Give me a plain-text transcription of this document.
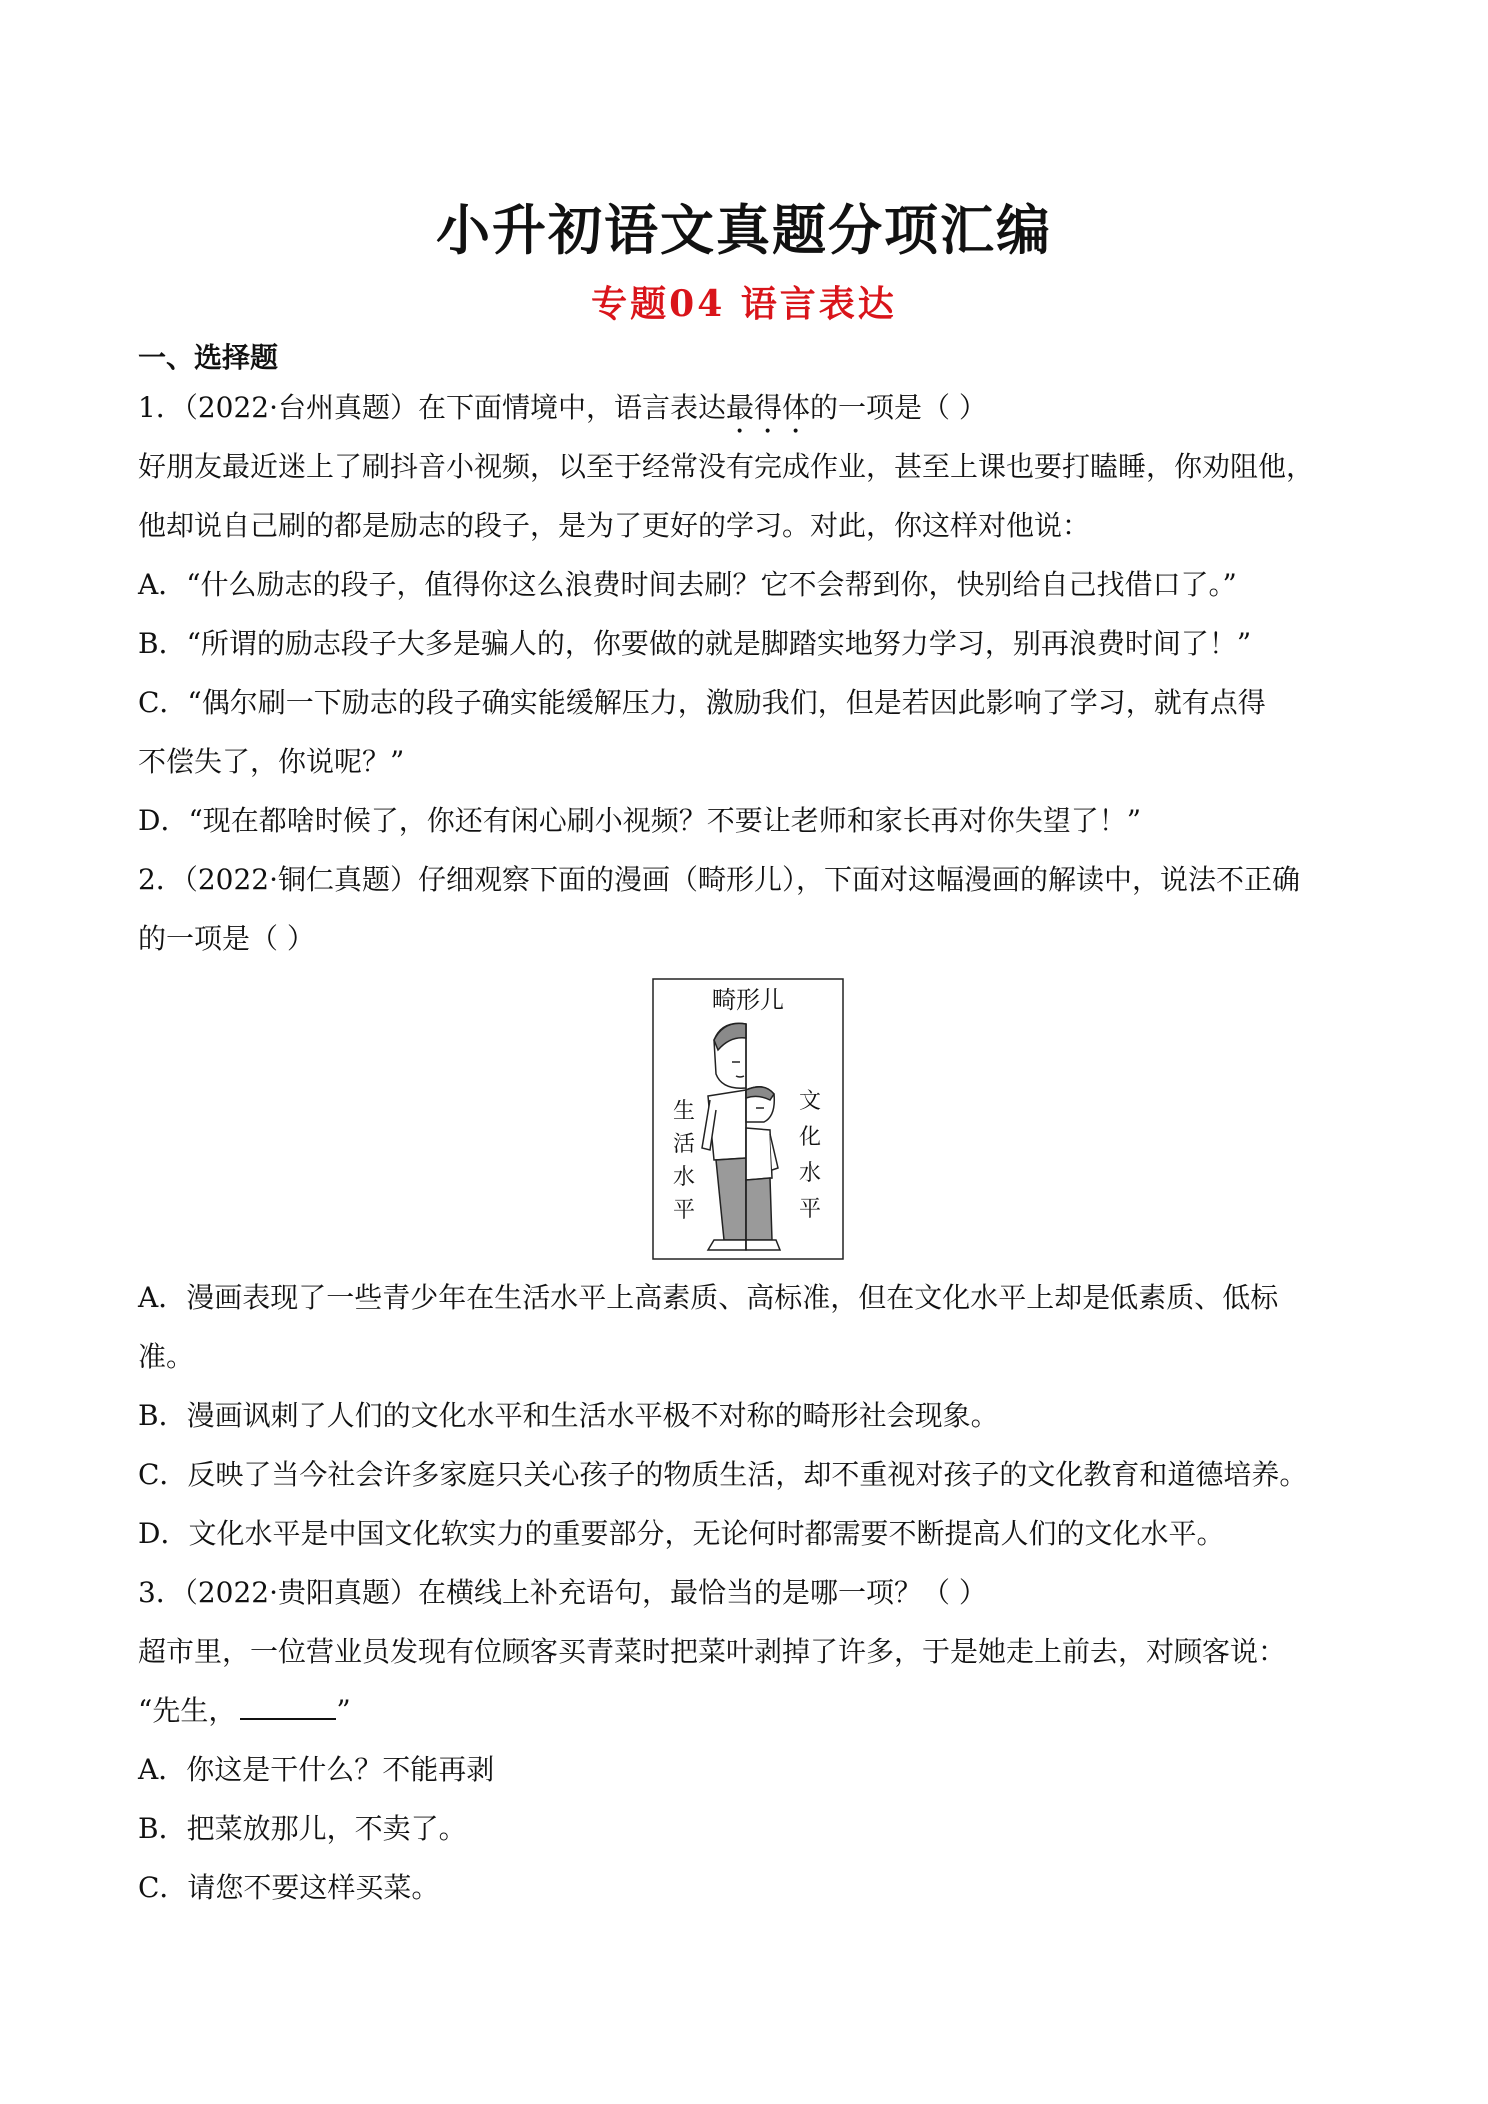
小升初语文真题分项汇编
专题04 语言表达
一、选择题
1．（2022·台州真题）在下面情境中，语言表达最得体的一项是（ ）
好朋友最近迷上了刷抖音小视频，以至于经常没有完成作业，甚至上课也要打瞌睡，你劝阻他，
他却说自己刷的都是励志的段子，是为了更好的学习。对此，你这样对他说：
A．“什么励志的段子，值得你这么浪费时间去刷？它不会帮到你，快别给自己找借口了。”
B．“所谓的励志段子大多是骗人的，你要做的就是脚踏实地努力学习，别再浪费时间了！”
C．“偶尔刷一下励志的段子确实能缓解压力，激励我们，但是若因此影响了学习，就有点得
不偿失了，你说呢？”
D．“现在都啥时候了，你还有闲心刷小视频？不要让老师和家长再对你失望了！”
2．（2022·铜仁真题）仔细观察下面的漫画（畸形儿），下面对这幅漫画的解读中，说法不正确
的一项是（ ）
畸形儿
生
活
水
平
文
化
水
平
A．漫画表现了一些青少年在生活水平上高素质、高标准，但在文化水平上却是低素质、低标
准。
B．漫画讽刺了人们的文化水平和生活水平极不对称的畸形社会现象。
C．反映了当今社会许多家庭只关心孩子的物质生活，却不重视对孩子的文化教育和道德培养。
D．文化水平是中国文化软实力的重要部分，无论何时都需要不断提高人们的文化水平。
3．（2022·贵阳真题）在横线上补充语句，最恰当的是哪一项？（ ）
超市里，一位营业员发现有位顾客买青菜时把菜叶剥掉了许多，于是她走上前去，对顾客说：
“先生，	”
A．你这是干什么？不能再剥
B．把菜放那儿，不卖了。
C．请您不要这样买菜。
